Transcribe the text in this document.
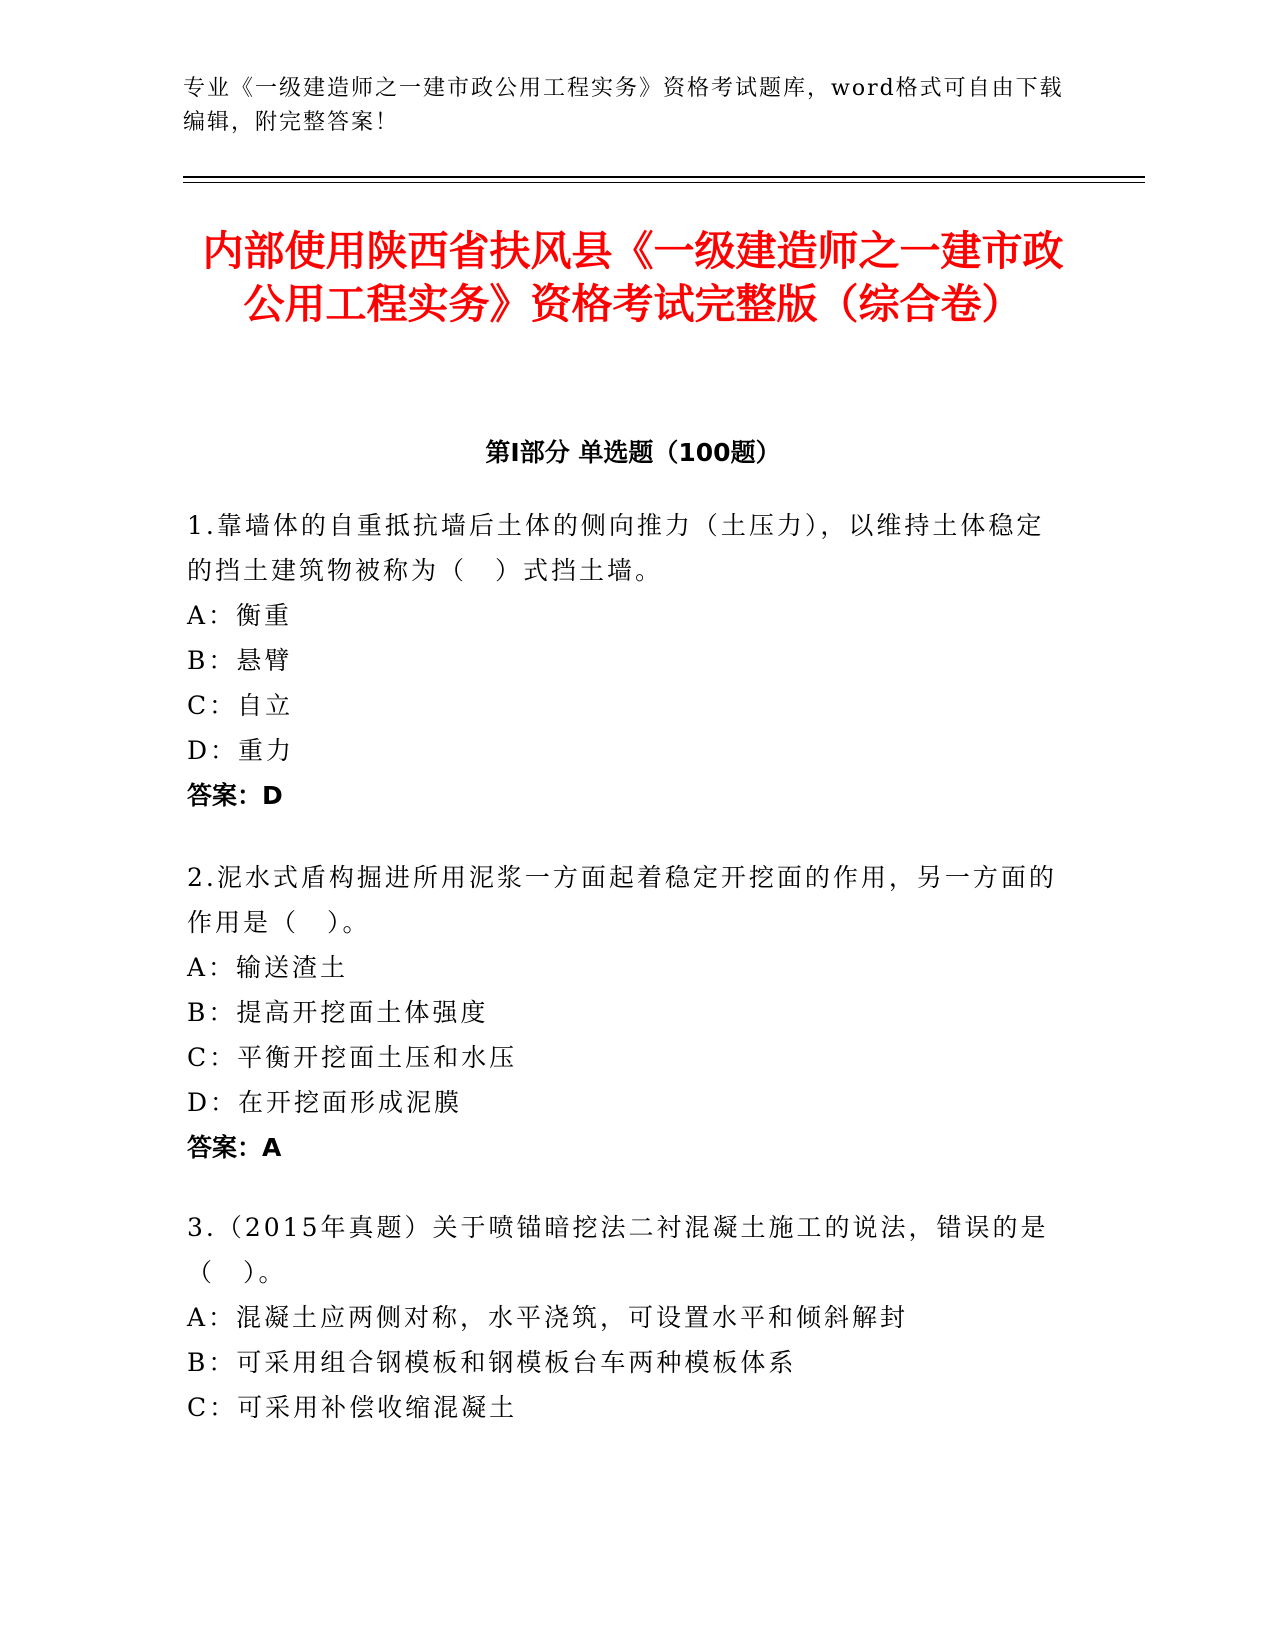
专业《一级建造师之一建市政公用工程实务》资格考试题库，word格式可自由下载编辑，附完整答案！
内部使用陕西省扶风县《一级建造师之一建市政公用工程实务》资格考试完整版（综合卷）
第I部分 单选题（100题）
1.靠墙体的自重抵抗墙后土体的侧向推力（土压力），以维持土体稳定的挡土建筑物被称为（　）式挡土墙。
A：衡重
B：悬臂
C：自立
D：重力
答案：D
2.泥水式盾构掘进所用泥浆一方面起着稳定开挖面的作用，另一方面的作用是（　）。
A：输送渣土
B：提高开挖面土体强度
C：平衡开挖面土压和水压
D：在开挖面形成泥膜
答案：A
3.（2015年真题）关于喷锚暗挖法二衬混凝土施工的说法，错误的是（　）。
A：混凝土应两侧对称，水平浇筑，可设置水平和倾斜解封
B：可采用组合钢模板和钢模板台车两种模板体系
C：可采用补偿收缩混凝土
